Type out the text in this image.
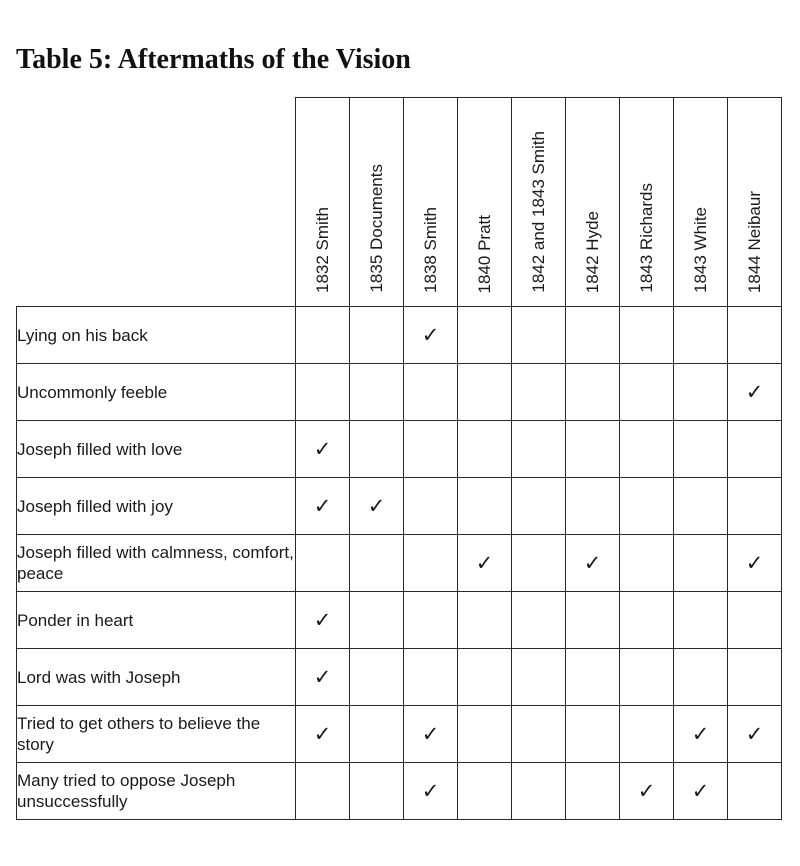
Table 5: Aftermaths of the Vision
	1832 Smith	1835 Documents	1838 Smith	1840 Pratt	1842 and 1843 Smith	1842 Hyde	1843 Richards	1843 White	1844 Neibaur
Lying on his back			✓						
Uncommonly feeble									✓
Joseph filled with love	✓								
Joseph filled with joy	✓	✓							
Joseph filled with calmness, comfort, peace				✓		✓			✓
Ponder in heart	✓								
Lord was with Joseph	✓								
Tried to get others to believe the story	✓		✓					✓	✓
Many tried to oppose Joseph unsuccessfully			✓				✓	✓	
